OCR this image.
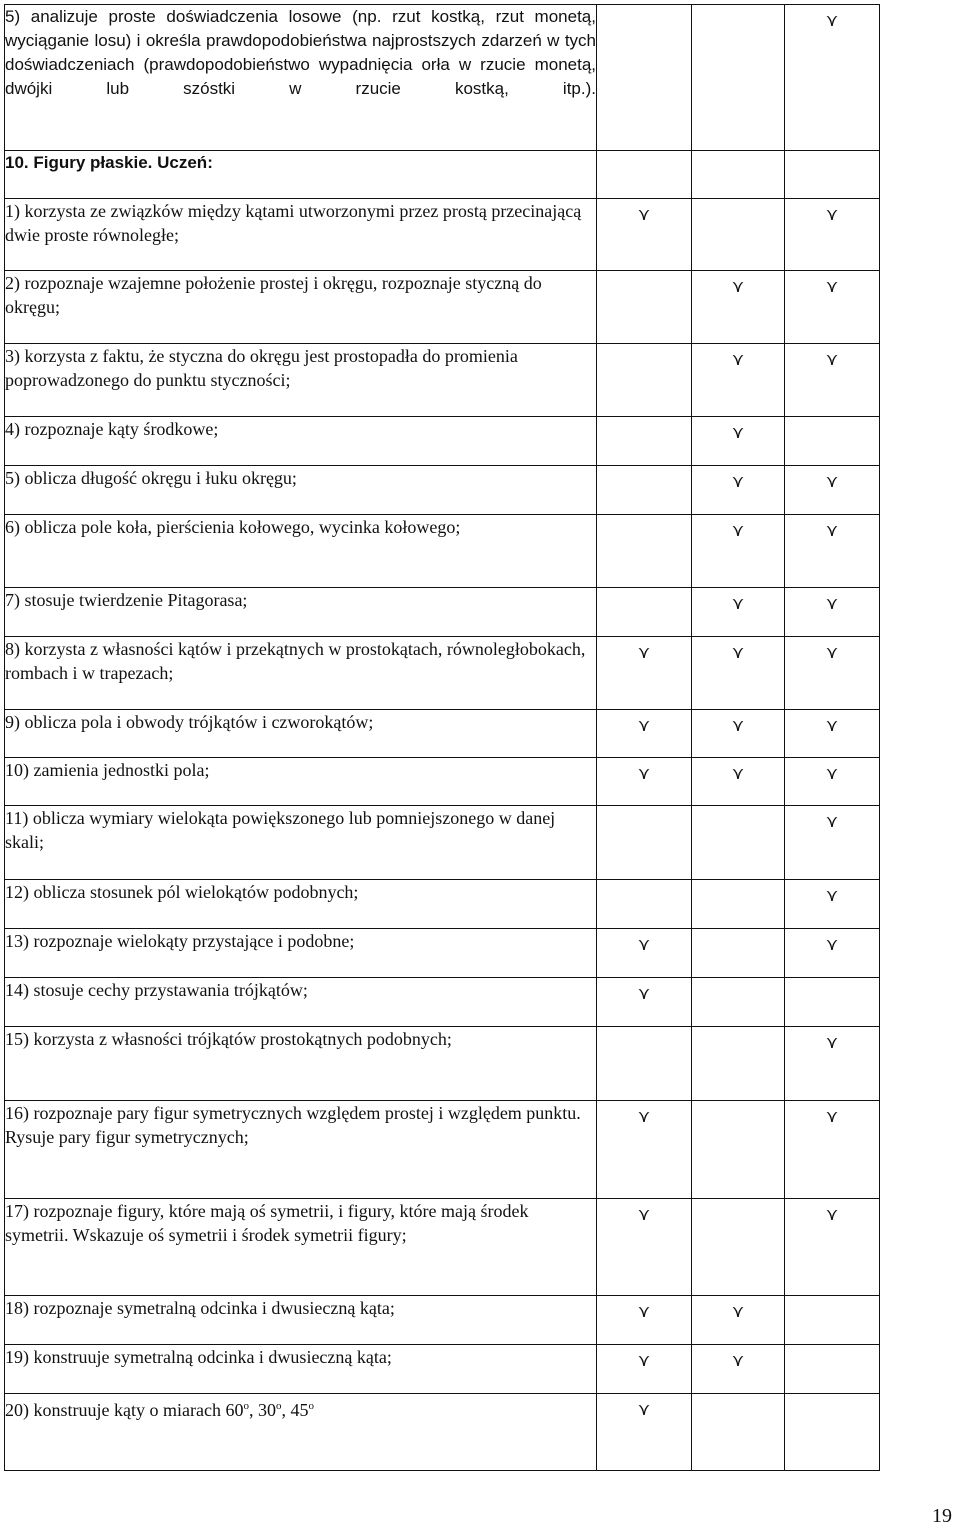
5) analizuje proste doświadczenia losowe (np. rzut kostką, rzut monetą, wyciąganie losu) i określa prawdopodobieństwa najprostszych zdarzeń w tych doświadczeniach (prawdopodobieństwo wypadnięcia orła w rzucie monetą, dwójki lub szóstki w rzucie kostką, itp.).			⋎
10. Figury płaskie. Uczeń:			
1) korzysta ze związków między kątami utworzonymi przez prostą przecinającą dwie proste równoległe;	⋎		⋎
2) rozpoznaje wzajemne położenie prostej i okręgu, rozpoznaje styczną do okręgu;		⋎	⋎
3) korzysta z faktu, że styczna do okręgu jest prostopadła do promienia poprowadzonego do punktu styczności;		⋎	⋎
4) rozpoznaje kąty środkowe;		⋎	
5) oblicza długość okręgu i łuku okręgu;		⋎	⋎
6) oblicza pole koła, pierścienia kołowego, wycinka kołowego;		⋎	⋎
7) stosuje twierdzenie Pitagorasa;		⋎	⋎
8) korzysta z własności kątów i przekątnych w prostokątach, równoległobokach, rombach i w trapezach;	⋎	⋎	⋎
9) oblicza pola i obwody trójkątów i czworokątów;	⋎	⋎	⋎
10) zamienia jednostki pola;	⋎	⋎	⋎
11) oblicza wymiary wielokąta powiększonego lub pomniejszonego w danej skali;			⋎
12) oblicza stosunek pól wielokątów podobnych;			⋎
13) rozpoznaje wielokąty przystające i podobne;	⋎		⋎
14) stosuje cechy przystawania trójkątów;	⋎		
15) korzysta z własności trójkątów prostokątnych podobnych;			⋎
16) rozpoznaje pary figur symetrycznych względem prostej i względem punktu. Rysuje pary figur symetrycznych;	⋎		⋎
17) rozpoznaje figury, które mają oś symetrii, i figury, które mają środek symetrii. Wskazuje oś symetrii i środek symetrii figury;	⋎		⋎
18) rozpoznaje symetralną odcinka i dwusieczną kąta;	⋎	⋎	
19) konstruuje symetralną odcinka i dwusieczną kąta;	⋎	⋎	
20) konstruuje kąty o miarach 60$^o$, 30$^o$, 45$^o$	⋎		
19
